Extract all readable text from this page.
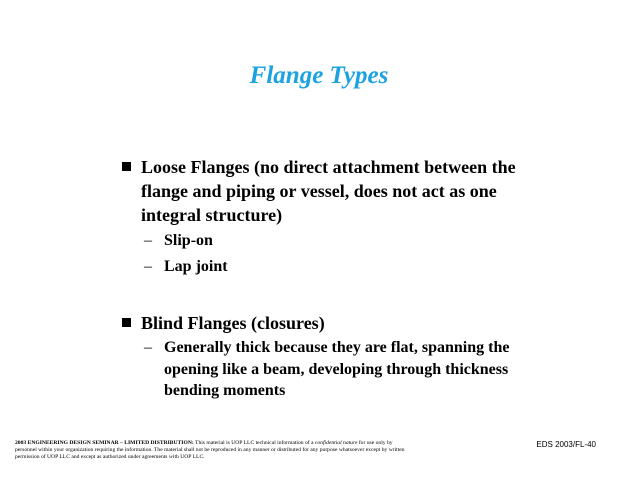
Flange Types
Loose Flanges (no direct attachment between the flange and piping or vessel, does not act as one integral structure)
– Slip-on
– Lap joint
Blind Flanges (closures)
– Generally thick because they are flat, spanning the opening like a beam, developing through thickness bending moments
2003 ENGINEERING DESIGN SEMINAR – LIMITED DISTRIBUTION: This material is UOP LLC technical information of a confidential nature for use only by personnel within your organization requiring the information. The material shall not be reproduced in any manner or distributed for any purpose whatsoever except by written permission of UOP LLC and except as authorized under agreements with UOP LLC.
EDS 2003/FL-40
